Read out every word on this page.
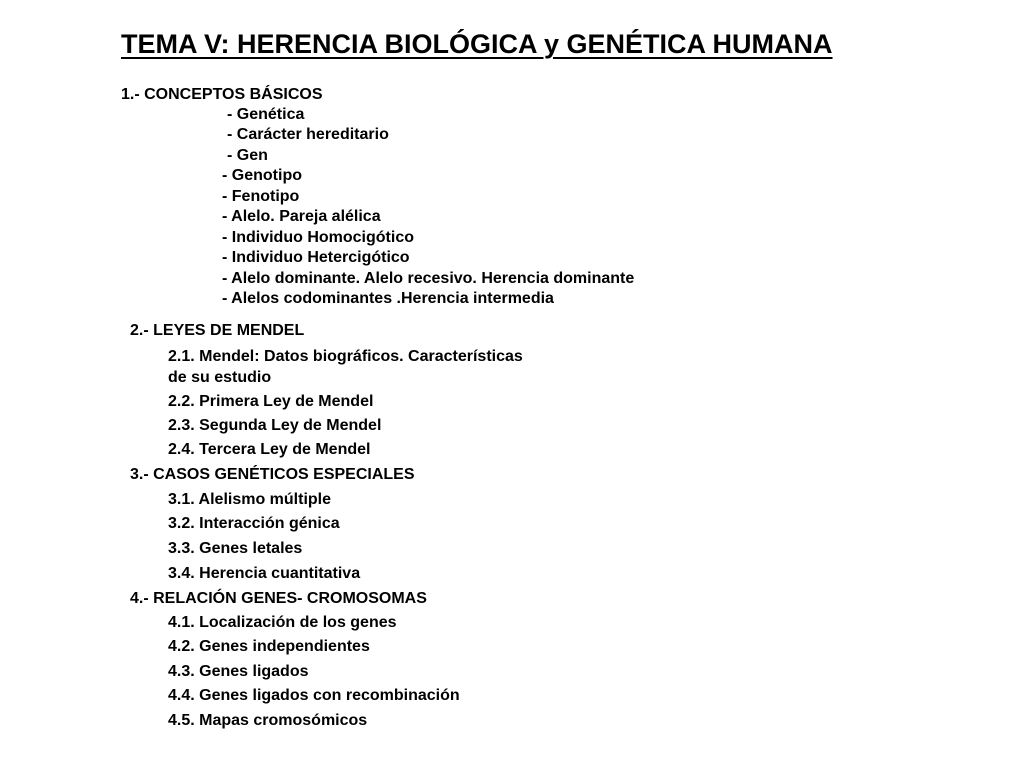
TEMA V: HERENCIA BIOLÓGICA y GENÉTICA HUMANA
1.- CONCEPTOS BÁSICOS
- Genética
- Carácter hereditario
- Gen
- Genotipo
- Fenotipo
- Alelo. Pareja alélica
- Individuo Homocigótico
- Individuo Hetercigótico
- Alelo dominante. Alelo recesivo. Herencia dominante
- Alelos codominantes .Herencia intermedia
2.- LEYES DE MENDEL
2.1. Mendel: Datos biográficos. Características
de su estudio
2.2. Primera Ley de Mendel
2.3. Segunda Ley de Mendel
2.4. Tercera Ley de Mendel
3.- CASOS GENÉTICOS ESPECIALES
3.1. Alelismo múltiple
3.2. Interacción génica
3.3. Genes letales
3.4. Herencia cuantitativa
4.- RELACIÓN GENES- CROMOSOMAS
4.1. Localización de los genes
4.2. Genes independientes
4.3. Genes ligados
4.4. Genes ligados con recombinación
4.5. Mapas cromosómicos
